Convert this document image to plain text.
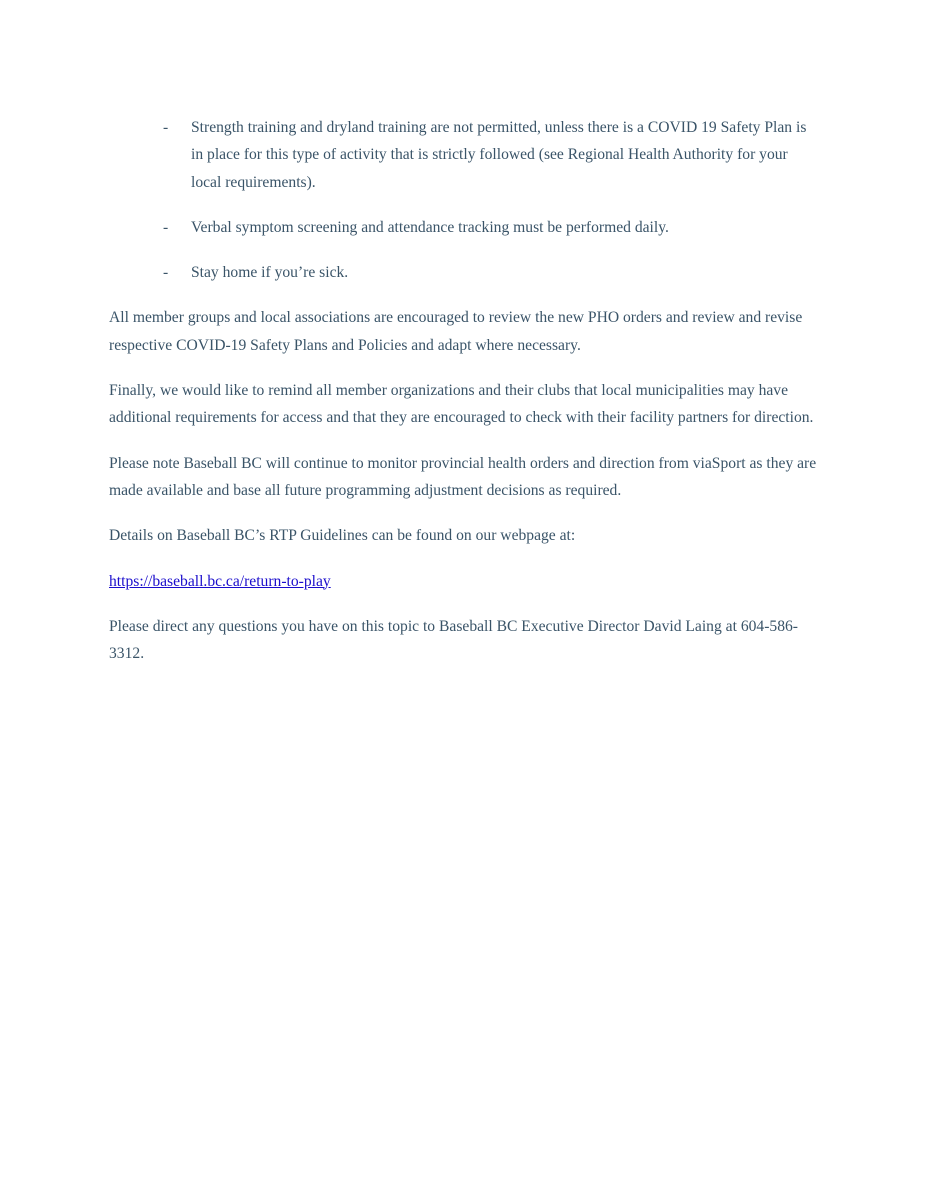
- Strength training and dryland training are not permitted, unless there is a COVID 19 Safety Plan is in place for this type of activity that is strictly followed (see Regional Health Authority for your local requirements).
- Verbal symptom screening and attendance tracking must be performed daily.
- Stay home if you’re sick.

All member groups and local associations are encouraged to review the new PHO orders and review and revise respective COVID-19 Safety Plans and Policies and adapt where necessary.

Finally, we would like to remind all member organizations and their clubs that local municipalities may have additional requirements for access and that they are encouraged to check with their facility partners for direction.

Please note Baseball BC will continue to monitor provincial health orders and direction from viaSport as they are made available and base all future programming adjustment decisions as required.

Details on Baseball BC’s RTP Guidelines can be found on our webpage at:

https://baseball.bc.ca/return-to-play

Please direct any questions you have on this topic to Baseball BC Executive Director David Laing at 604-586-3312.
